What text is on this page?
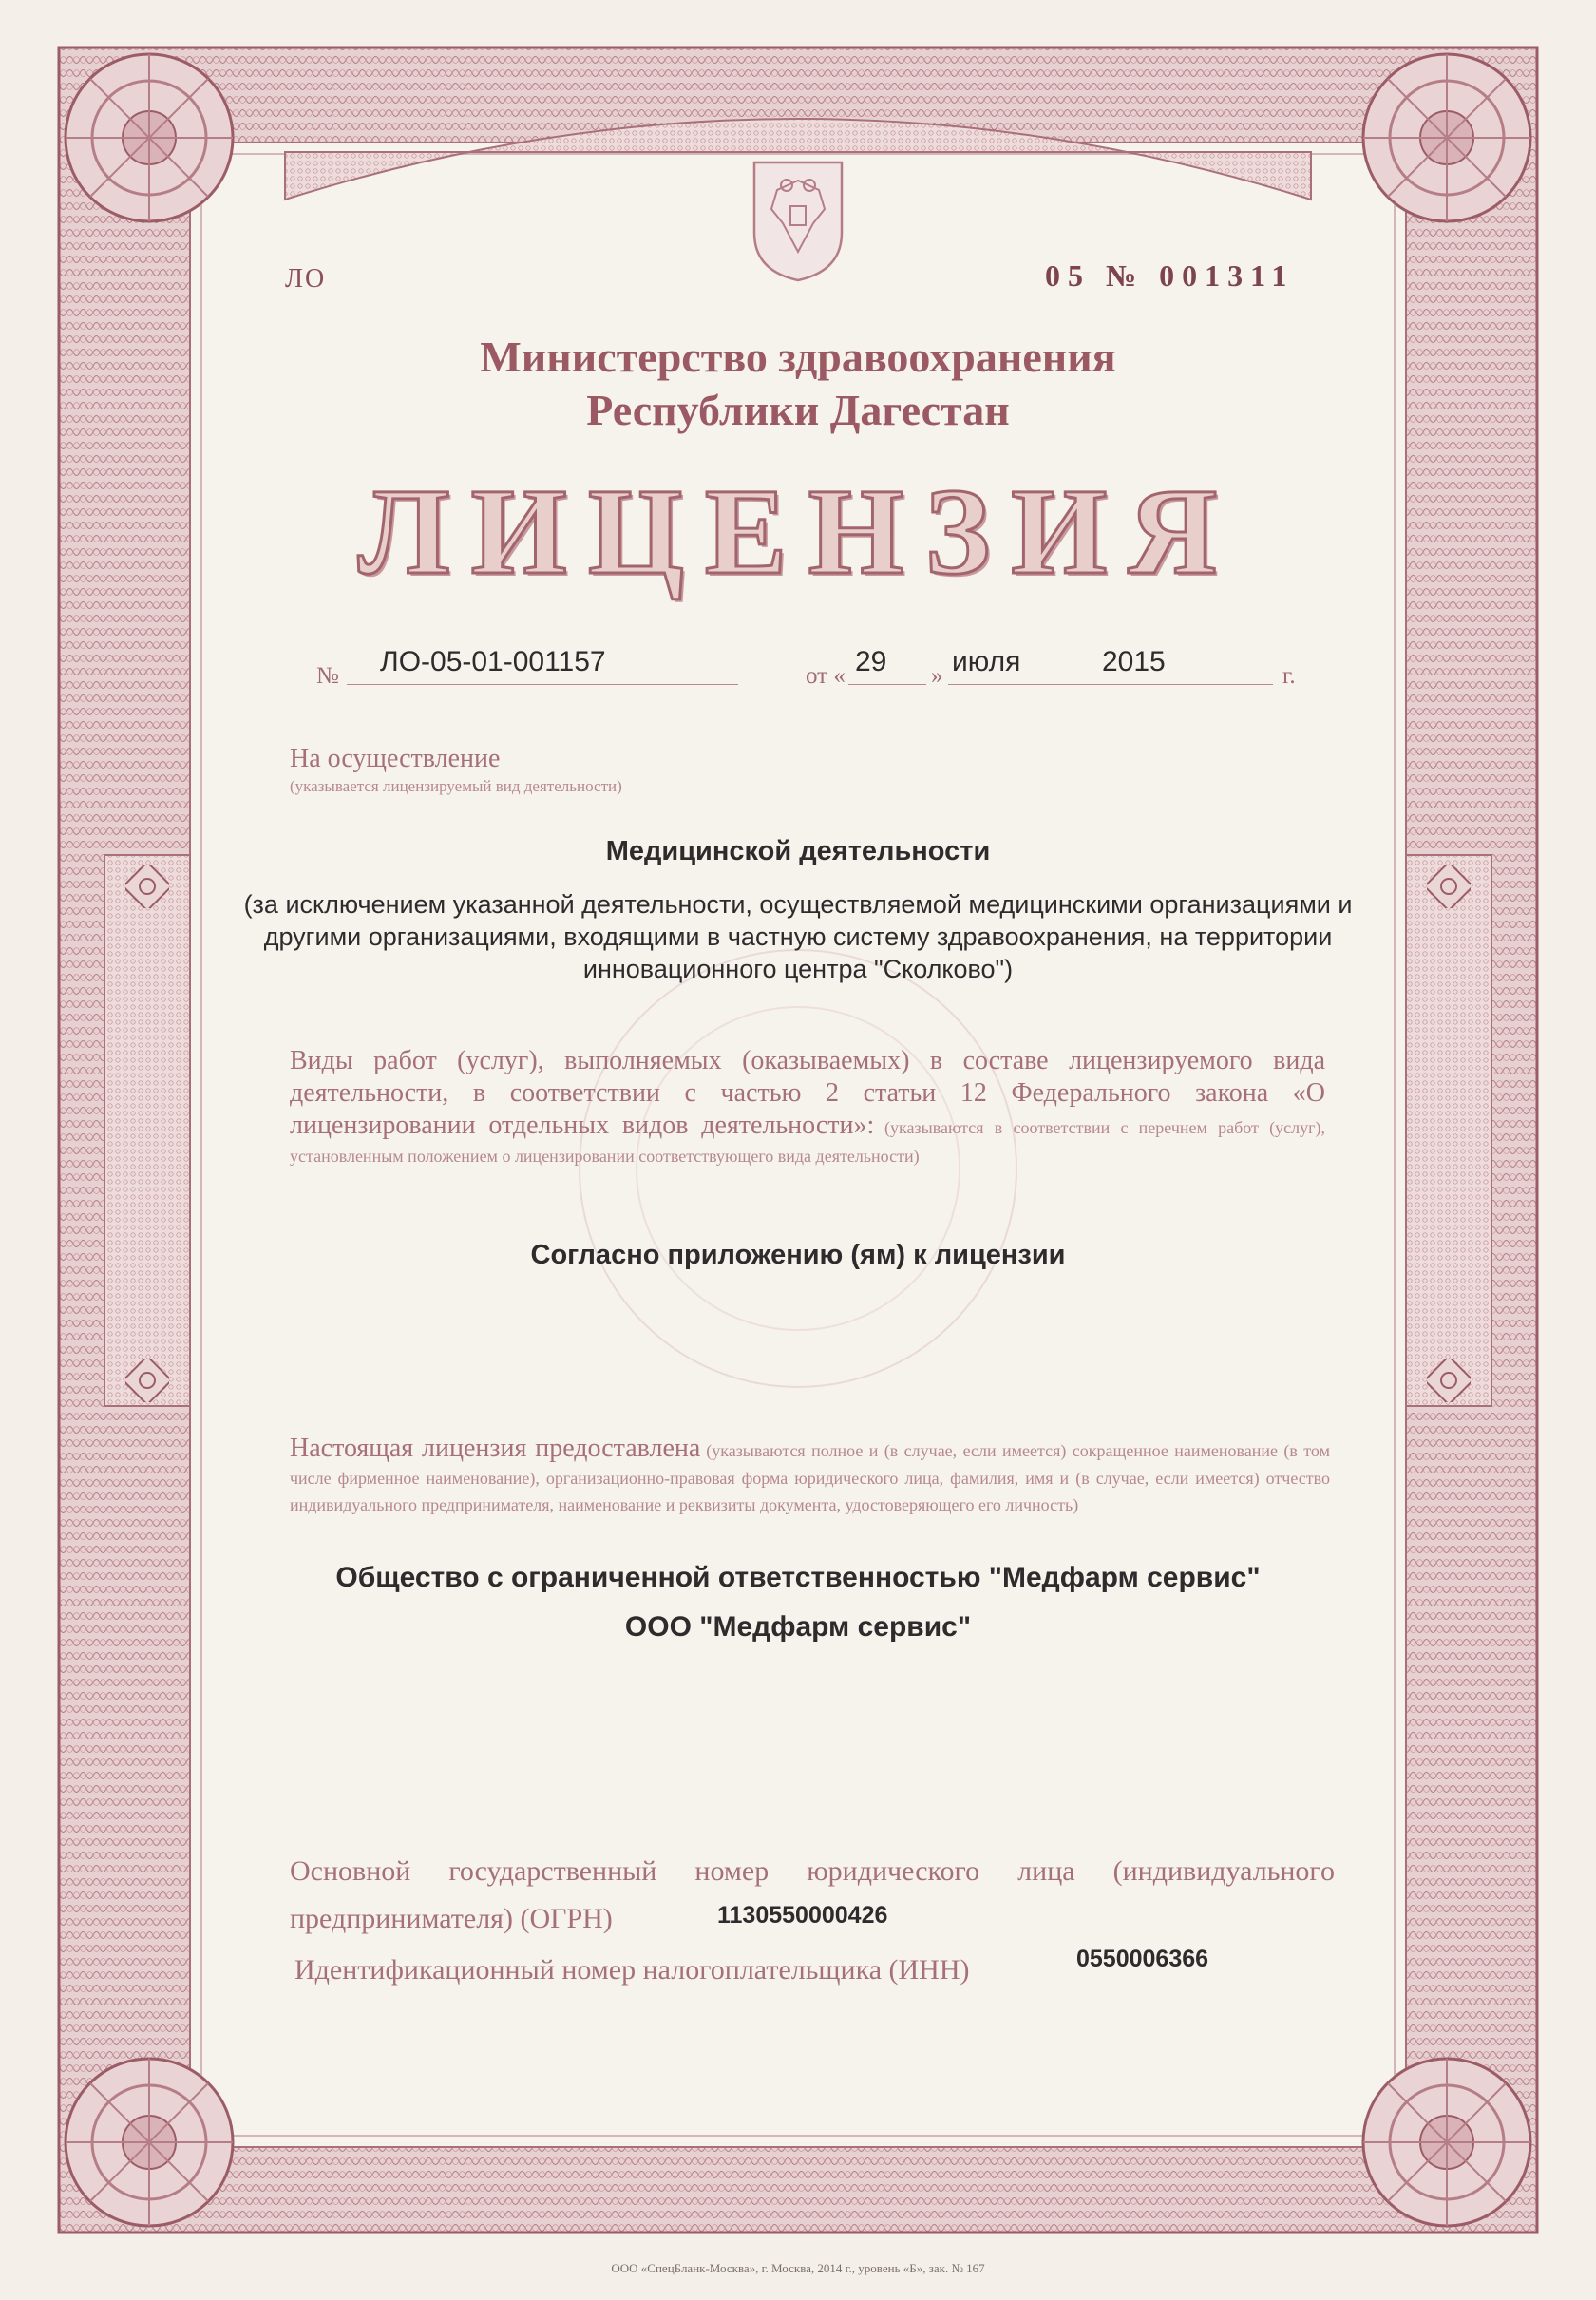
ЛО	05 № 001311
Министерство здравоохранения
Республики Дагестан
ЛИЦЕНЗИЯ
№ ЛО-05-01-001157	от « 29 » июля	2015	г.
На осуществление
(указывается лицензируемый вид деятельности)
Медицинской деятельности
(за исключением указанной деятельности, осуществляемой медицинскими организациями и другими организациями, входящими в частную систему здравоохранения, на территории инновационного центра "Сколково")
Виды работ (услуг), выполняемых (оказываемых) в составе лицензируемого вида деятельности, в соответствии с частью 2 статьи 12 Федерального закона «О лицензировании отдельных видов деятельности»: (указываются в соответствии с перечнем работ (услуг), установленным положением о лицензировании соответствующего вида деятельности)
Согласно приложению (ям) к лицензии
Настоящая лицензия предоставлена (указываются полное и (в случае, если имеется) сокращенное наименование (в том числе фирменное наименование), организационно-правовая форма юридического лица, фамилия, имя и (в случае, если имеется) отчество индивидуального предпринимателя, наименование и реквизиты документа, удостоверяющего его личность)
Общество с ограниченной ответственностью "Медфарм сервис"
ООО "Медфарм сервис"
Основной государственный номер юридического лица (индивидуального предпринимателя) (ОГРН)	1130550000426
Идентификационный номер налогоплательщика (ИНН)	0550006366
ООО «СпецБланк-Москва», г. Москва, 2014 г., уровень «Б», зак. № 167
